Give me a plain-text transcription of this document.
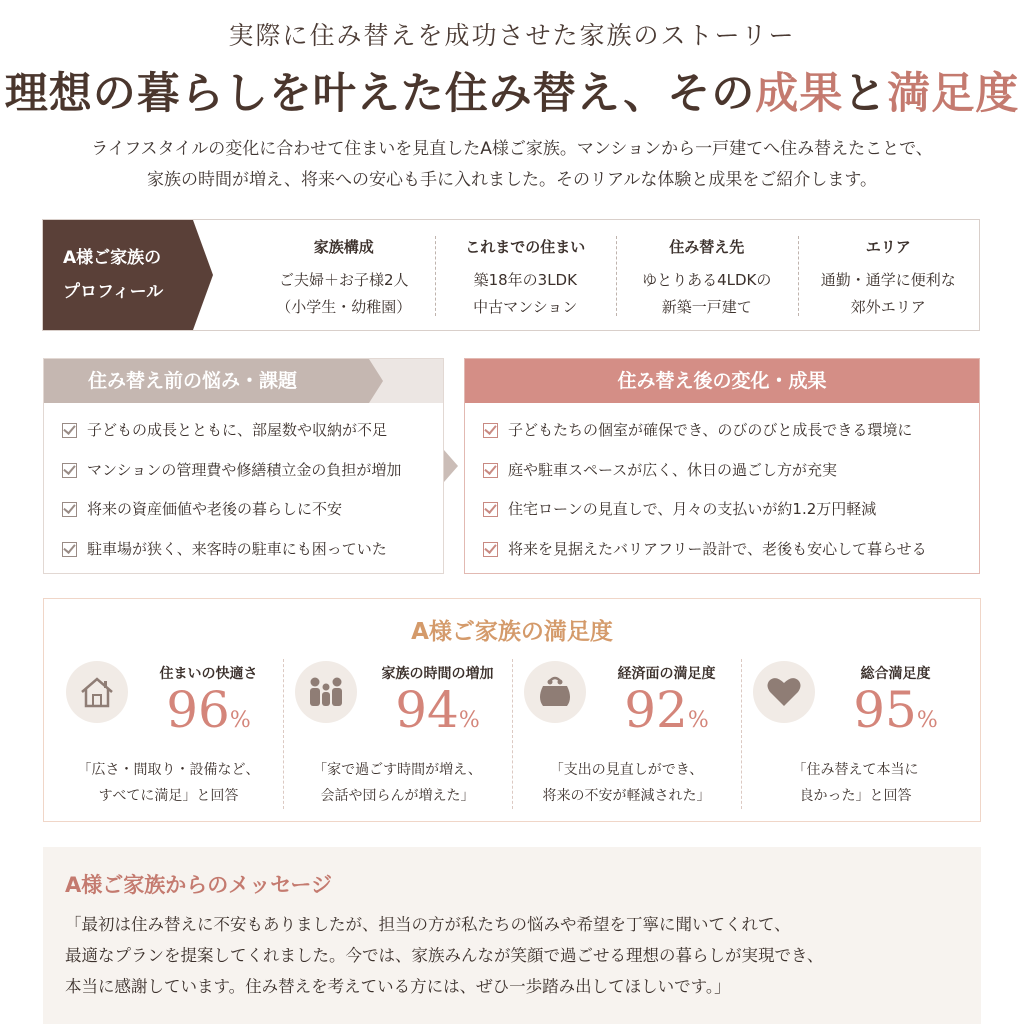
実際に住み替えを成功させた家族のストーリー
理想の暮らしを叶えた住み替え、その成果と満足度
ライフスタイルの変化に合わせて住まいを見直したA様ご家族。マンションから一戸建てへ住み替えたことで、
家族の時間が増え、将来への安心も手に入れました。そのリアルな体験と成果をご紹介します。
A様ご家族の
プロフィール
家族構成
ご夫婦＋お子様2人
（小学生・幼稚園）
これまでの住まい
築18年の3LDK
中古マンション
住み替え先
ゆとりある4LDKの
新築一戸建て
エリア
通勤・通学に便利な
郊外エリア
住み替え前の悩み・課題
子どもの成長とともに、部屋数や収納が不足
マンションの管理費や修繕積立金の負担が増加
将来の資産価値や老後の暮らしに不安
駐車場が狭く、来客時の駐車にも困っていた
住み替え後の変化・成果
子どもたちの個室が確保でき、のびのびと成長できる環境に
庭や駐車スペースが広く、休日の過ごし方が充実
住宅ローンの見直しで、月々の支払いが約1.2万円軽減
将来を見据えたバリアフリー設計で、老後も安心して暮らせる
A様ご家族の満足度
住まいの快適さ
96%
「広さ・間取り・設備など、
すべてに満足」と回答
家族の時間の増加
94%
「家で過ごす時間が増え、
会話や団らんが増えた」
経済面の満足度
92%
「支出の見直しができ、
将来の不安が軽減された」
総合満足度
95%
「住み替えて本当に
良かった」と回答
A様ご家族からのメッセージ
「最初は住み替えに不安もありましたが、担当の方が私たちの悩みや希望を丁寧に聞いてくれて、
最適なプランを提案してくれました。今では、家族みんなが笑顔で過ごせる理想の暮らしが実現でき、
本当に感謝しています。住み替えを考えている方には、ぜひ一歩踏み出してほしいです。」
